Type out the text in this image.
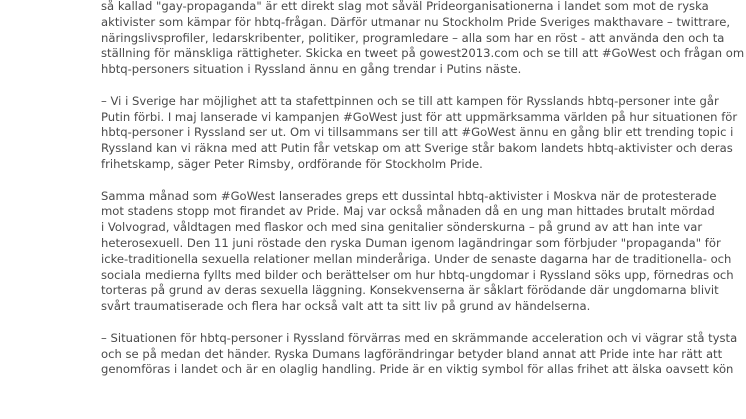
så kallad "gay-propaganda" är ett direkt slag mot såväl Prideorganisationerna i landet som mot de ryska
aktivister som kämpar för hbtq-frågan. Därför utmanar nu Stockholm Pride Sveriges makthavare – twittrare,
näringslivsprofiler, ledarskribenter, politiker, programledare – alla som har en röst - att använda den och ta
ställning för mänskliga rättigheter. Skicka en tweet på gowest2013.com och se till att #GoWest och frågan om
hbtq-personers situation i Ryssland ännu en gång trendar i Putins näste.

– Vi i Sverige har möjlighet att ta stafettpinnen och se till att kampen för Rysslands hbtq-personer inte går
Putin förbi. I maj lanserade vi kampanjen #GoWest just för att uppmärksamma världen på hur situationen för
hbtq-personer i Ryssland ser ut. Om vi tillsammans ser till att #GoWest ännu en gång blir ett trending topic i
Ryssland kan vi räkna med att Putin får vetskap om att Sverige står bakom landets hbtq-aktivister och deras
frihetskamp, säger Peter Rimsby, ordförande för Stockholm Pride.

Samma månad som #GoWest lanserades greps ett dussintal hbtq-aktivister i Moskva när de protesterade
mot stadens stopp mot firandet av Pride. Maj var också månaden då en ung man hittades brutalt mördad
i Volvograd, våldtagen med flaskor och med sina genitalier sönderskurna – på grund av att han inte var
heterosexuell. Den 11 juni röstade den ryska Duman igenom lagändringar som förbjuder "propaganda" för
icke-traditionella sexuella relationer mellan minderåriga. Under de senaste dagarna har de traditionella- och
sociala medierna fyllts med bilder och berättelser om hur hbtq-ungdomar i Ryssland söks upp, förnedras och
torteras på grund av deras sexuella läggning. Konsekvenserna är såklart förödande där ungdomarna blivit
svårt traumatiserade och flera har också valt att ta sitt liv på grund av händelserna.

– Situationen för hbtq-personer i Ryssland förvärras med en skrämmande acceleration och vi vägrar stå tysta
och se på medan det händer. Ryska Dumans lagförändringar betyder bland annat att Pride inte har rätt att
genomföras i landet och är en olaglig handling. Pride är en viktig symbol för allas frihet att älska oavsett kön
